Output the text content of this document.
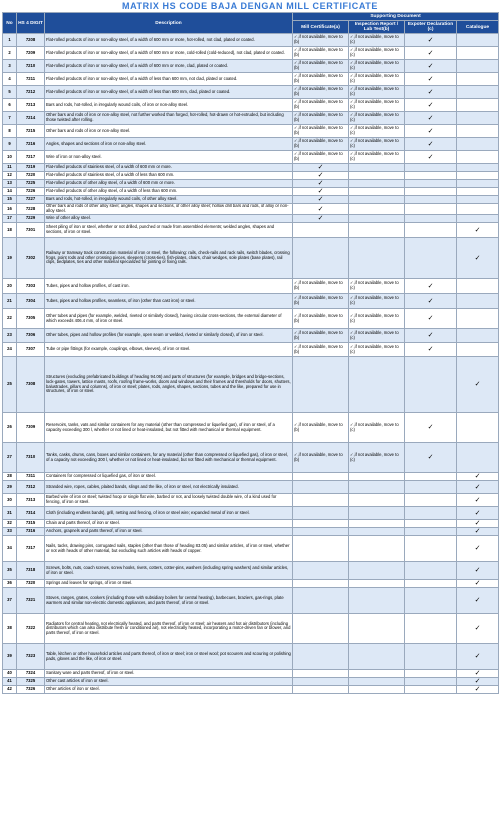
MATRIX HS CODE BAJA DENGAN MILL CERTIFICATE
No	HS 4 DIGIT	Description	Supporting Document			
			Mill Certificate(a)	Inspection Report / Lab Test(b)	Expoter Declaration (c)	Catalogue
1	7208	Flat-rolled products of iron or non-alloy steel, of a width of 600 mm or more, hot-rolled, not clad, plated or coated.	✓,if not available, move to (b)	✓,if not available, move to (c)	✓	
2	7209	Flat-rolled products of iron or non-alloy steel, of a width of 600 mm or more, cold-rolled (cold-reduced), not clad, plated or coated.	✓,if not available, move to (b)	✓,if not available, move to (c)	✓	
3	7210	Flat-rolled products of iron or non-alloy steel, of a width of 600 mm or more, clad, plated or coated.	✓,if not available, move to (b)	✓,if not available, move to (c)	✓	
4	7211	Flat-rolled products of iron or non-alloy steel, of a width of less than 600 mm, not clad, plated or coated.	✓,if not available, move to (b)	✓,if not available, move to (c)	✓	
5	7212	Flat-rolled products of iron or non-alloy steel, of a width of less than 600 mm, clad, plated or coated.	✓,if not available, move to (b)	✓,if not available, move to (c)	✓	
6	7213	Bars and rods, hot-rolled, in irregularly wound coils, of iron or non-alloy steel.	✓,if not available, move to (b)	✓,if not available, move to (c)	✓	
7	7214	Other bars and rods of iron or non-alloy steel, not further worked than forged, hot-rolled, hot-drawn or hot-extruded, but including those twisted after rolling.	✓,if not available, move to (b)	✓,if not available, move to (c)	✓	
8	7215	Other bars and rods of iron or non-alloy steel.	✓,if not available, move to (b)	✓,if not available, move to (c)	✓	
9	7216	Angles, shapes and sections of iron or non-alloy steel.	✓,if not available, move to (b)	✓,if not available, move to (c)	✓	
10	7217	Wire of iron or non-alloy steel.	✓,if not available, move to (b)	✓,if not available, move to (c)	✓	
11	7219	Flat-rolled products of stainless steel, of a width of 600 mm or more.	✓			
12	7220	Flat-rolled products of stainless steel, of a width of less than 600 mm.	✓			
13	7225	Flat-rolled products of other alloy steel, of a width of 600 mm or more.	✓			
14	7226	Flat-rolled products of other alloy steel, of a width of less than 600 mm.	✓			
15	7227	Bars and rods, hot-rolled, in irregularly wound coils, of other alloy steel.	✓			
16	7228	Other bars and rods of other alloy steel; angles, shapes and sections, of other alloy steel; hollow drill bars and rods, of alloy or non-alloy steel.	✓			
17	7229	Wire of other alloy steel.	✓			
18	7301	Sheet piling of iron or steel, whether or not drilled, punched or made from assembled elements; welded angles, shapes and sections, of iron or steel.				✓
19	7302	Railway or tramway track construction material of iron or steel, the following: rails, check-rails and rack rails, switch blades, crossing frogs, point rods and other crossing pieces, sleepers (cross-ties), fish-plates, chairs, chair wedges, sole plates (base plates), rail clips, bedplates, ties and other material specialized for jointing or fixing rails.				✓
20	7303	Tubes, pipes and hollow profiles, of cast iron.	✓,if not available, move to (b)	✓,if not available, move to (c)	✓	
21	7304	Tubes, pipes and hollow profiles, seamless, of iron (other than cast iron) or steel.	✓,if not available, move to (b)	✓,if not available, move to (c)	✓	
22	7305	Other tubes and pipes (for example, welded, riveted or similarly closed), having circular cross-sections, the external diameter of which exceeds 406.4 mm, of iron or steel.	✓,if not available, move to (b)	✓,if not available, move to (c)	✓	
23	7306	Other tubes, pipes and hollow profiles (for example, open seam or welded, riveted or similarly closed), of iron or steel.	✓,if not available, move to (b)	✓,if not available, move to (c)	✓	
24	7307	Tube or pipe fittings (for example, couplings, elbows, sleeves), of iron or steel.	✓,if not available, move to (b)	✓,if not available, move to (c)	✓	
25	7308	Structures (excluding prefabricated buildings of heading 94.06) and parts of structures (for example, bridges and bridge-sections, lock-gates, towers, lattice masts, roofs, roofing frame-works, doors and windows and their frames and thresholds for doors, shutters, balustrades, pillars and columns), of iron or steel; plates, rods, angles, shapes, sections, tubes and the like, prepared for use in structures, of iron or steel.				✓
26	7309	Reservoirs, tanks, vats and similar containers for any material (other than compressed or liquefied gas), of iron or steel, of a capacity exceeding 300 l, whether or not lined or heat-insulated, but not fitted with mechanical or thermal equipment.	✓,if not available, move to (b)	✓,if not available, move to (c)	✓	
27	7310	Tanks, casks, drums, cans, boxes and similar containers, for any material (other than compressed or liquefied gas), of iron or steel, of a capacity not exceeding 300 l, whether or not lined or heat-insulated, but not fitted with mechanical or thermal equipment.	✓,if not available, move to (b)	✓,if not available, move to (c)	✓	
28	7311	Containers for compressed or liquefied gas, of iron or steel.				✓
29	7312	Stranded wire, ropes, cables, plaited bands, slings and the like, of iron or steel, not electrically insulated.				✓
30	7313	Barbed wire of iron or steel; twisted hoop or single flat wire, barbed or not, and loosely twisted double wire, of a kind used for fencing, of iron or steel.				✓
31	7314	Cloth (including endless bands), grill, netting and fencing, of iron or steel wire; expanded metal of iron or steel.				✓
32	7315	Chain and parts thereof, of iron or steel.				✓
33	7316	Anchors, grapnels and parts thereof, of iron or steel.				✓
34	7317	Nails, tacks, drawing pins, corrugated nails, staples (other than those of heading 83.05) and similar articles, of iron or steel, whether or not with heads of other material, but excluding such articles with heads of copper.				✓
35	7318	Screws, bolts, nuts, coach screws, screw hooks, rivets, cotters, cotter-pins, washers (including spring washers) and similar articles, of iron or steel.				✓
36	7320	Springs and leaves for springs, of iron or steel.				✓
37	7321	Stoves, ranges, grates, cookers (including those with subsidiary boilers for central heating), barbecues, braziers, gas-rings, plate warmers and similar non-electric domestic appliances, and parts thereof, of iron or steel.				✓
38	7322	Radiators for central heating, not electrically heated, and parts thereof, of iron or steel; air heaters and hot air distributors (including distributors which can also distribute fresh or conditioned air), not electrically heated, incorporating a motor-driven fan or blower, and parts thereof, of iron or steel.				✓
39	7323	Table, kitchen or other household articles and parts thereof, of iron or steel; iron or steel wool; pot scourers and scouring or polishing pads, gloves and the like, of iron or steel.				✓
40	7324	Sanitary ware and parts thereof, of iron or steel.				✓
41	7325	Other cast articles of iron or steel.				✓
42	7326	Other articles of iron or steel.				✓
